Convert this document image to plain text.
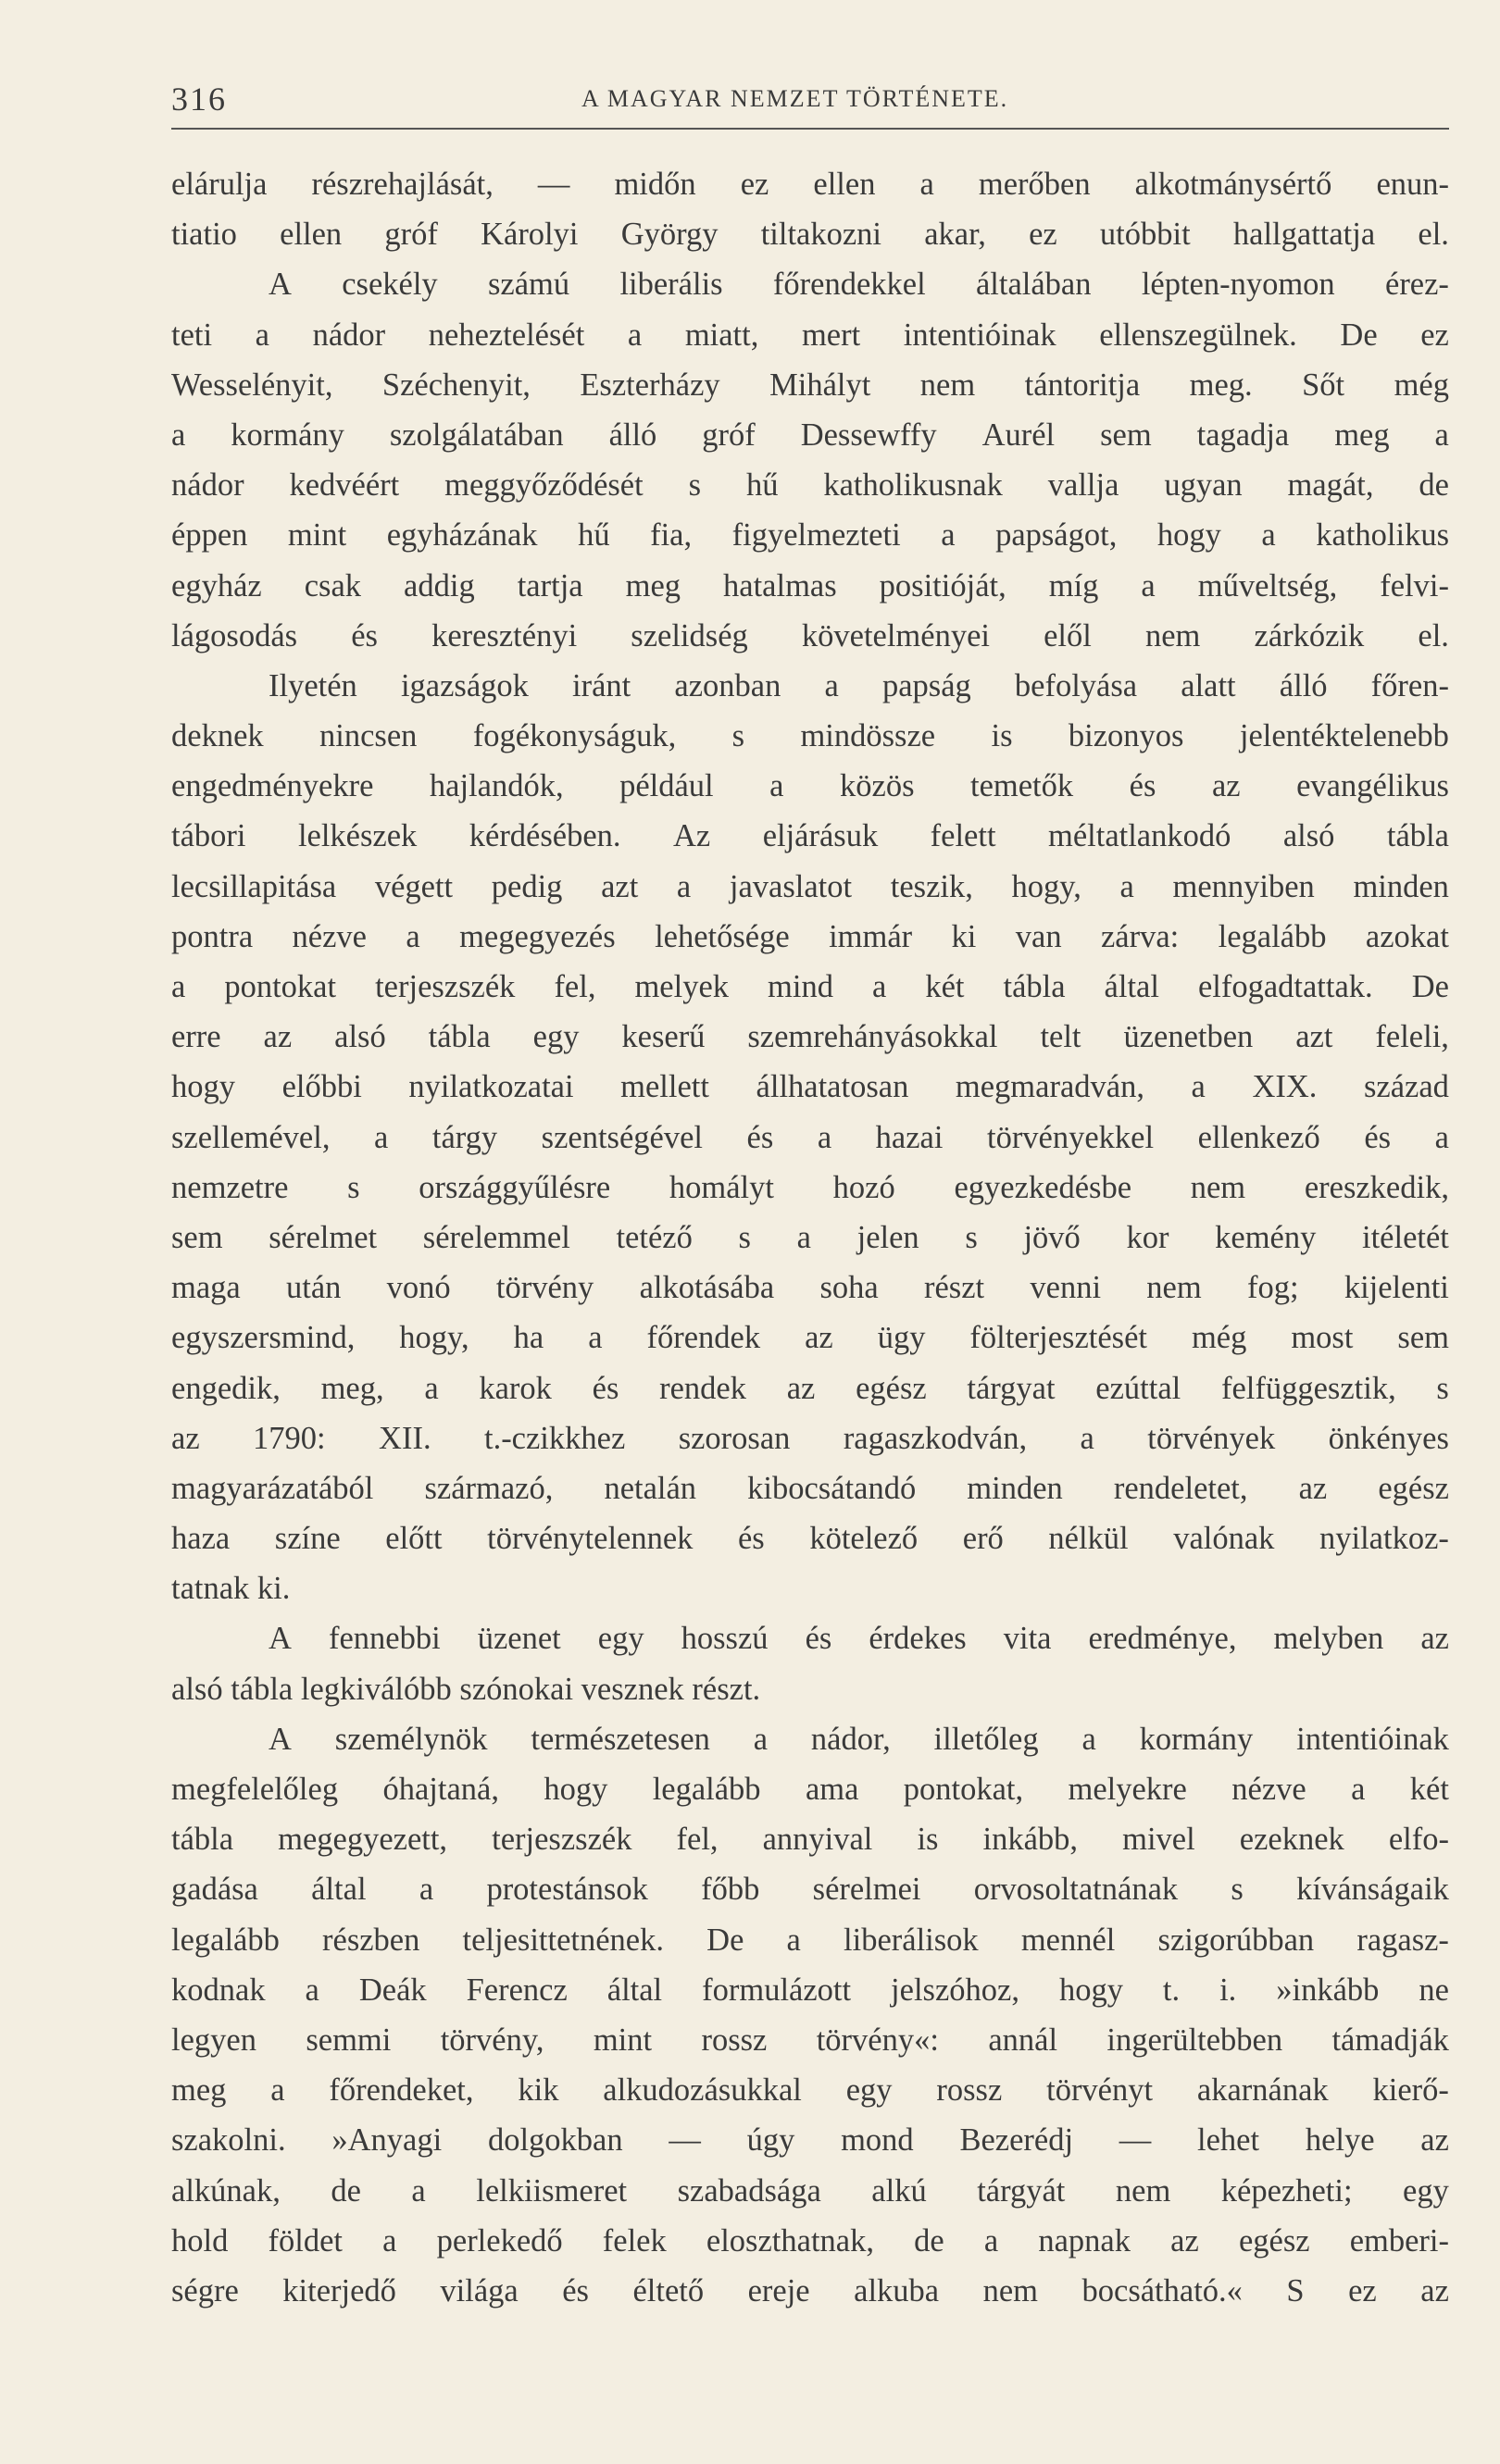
316	A MAGYAR NEMZET TÖRTÉNETE.
elárulja részrehajlását, — midőn ez ellen a merőben alkotmánysértő enun-
tiatio ellen gróf Károlyi György tiltakozni akar, ez utóbbit hallgattatja el.
A csekély számú liberális főrendekkel általában lépten-nyomon érez-
teti a nádor neheztelését a miatt, mert intentióinak ellenszegülnek. De ez
Wesselényit, Széchenyit, Eszterházy Mihályt nem tántoritja meg. Sőt még
a kormány szolgálatában álló gróf Dessewffy Aurél sem tagadja meg a
nádor kedvéért meggyőződését s hű katholikusnak vallja ugyan magát, de
éppen mint egyházának hű fia, figyelmezteti a papságot, hogy a katholikus
egyház csak addig tartja meg hatalmas positióját, míg a műveltség, felvi-
lágosodás és keresztényi szelidség követelményei elől nem zárkózik el.
Ilyetén igazságok iránt azonban a papság befolyása alatt álló főren-
deknek nincsen fogékonyságuk, s mindössze is bizonyos jelentéktelenebb
engedményekre hajlandók, például a közös temetők és az evangélikus
tábori lelkészek kérdésében. Az eljárásuk felett méltatlankodó alsó tábla
lecsillapitása végett pedig azt a javaslatot teszik, hogy, a mennyiben minden
pontra nézve a megegyezés lehetősége immár ki van zárva: legalább azokat
a pontokat terjeszszék fel, melyek mind a két tábla által elfogadtattak. De
erre az alsó tábla egy keserű szemrehányásokkal telt üzenetben azt feleli,
hogy előbbi nyilatkozatai mellett állhatatosan megmaradván, a XIX. század
szellemével, a tárgy szentségével és a hazai törvényekkel ellenkező és a
nemzetre s országgyűlésre homályt hozó egyezkedésbe nem ereszkedik,
sem sérelmet sérelemmel tetéző s a jelen s jövő kor kemény itéletét
maga után vonó törvény alkotásába soha részt venni nem fog; kijelenti
egyszersmind, hogy, ha a főrendek az ügy fölterjesztését még most sem
engedik, meg, a karok és rendek az egész tárgyat ezúttal felfüggesztik, s
az 1790: XII. t.-czikkhez szorosan ragaszkodván, a törvények önkényes
magyarázatából származó, netalán kibocsátandó minden rendeletet, az egész
haza színe előtt törvénytelennek és kötelező erő nélkül valónak nyilatkoz-
tatnak ki.
A fennebbi üzenet egy hosszú és érdekes vita eredménye, melyben az
alsó tábla legkiválóbb szónokai vesznek részt.
A személynök természetesen a nádor, illetőleg a kormány intentióinak
megfelelőleg óhajtaná, hogy legalább ama pontokat, melyekre nézve a két
tábla megegyezett, terjeszszék fel, annyival is inkább, mivel ezeknek elfo-
gadása által a protestánsok főbb sérelmei orvosoltatnának s kívánságaik
legalább részben teljesittetnének. De a liberálisok mennél szigorúbban ragasz-
kodnak a Deák Ferencz által formulázott jelszóhoz, hogy t. i. »inkább ne
legyen semmi törvény, mint rossz törvény«: annál ingerültebben támadják
meg a főrendeket, kik alkudozásukkal egy rossz törvényt akarnának kierő-
szakolni. »Anyagi dolgokban — úgy mond Bezerédj — lehet helye az
alkúnak, de a lelkiismeret szabadsága alkú tárgyát nem képezheti; egy
hold földet a perlekedő felek eloszthatnak, de a napnak az egész emberi-
ségre kiterjedő világa és éltető ereje alkuba nem bocsátható.« S ez az
